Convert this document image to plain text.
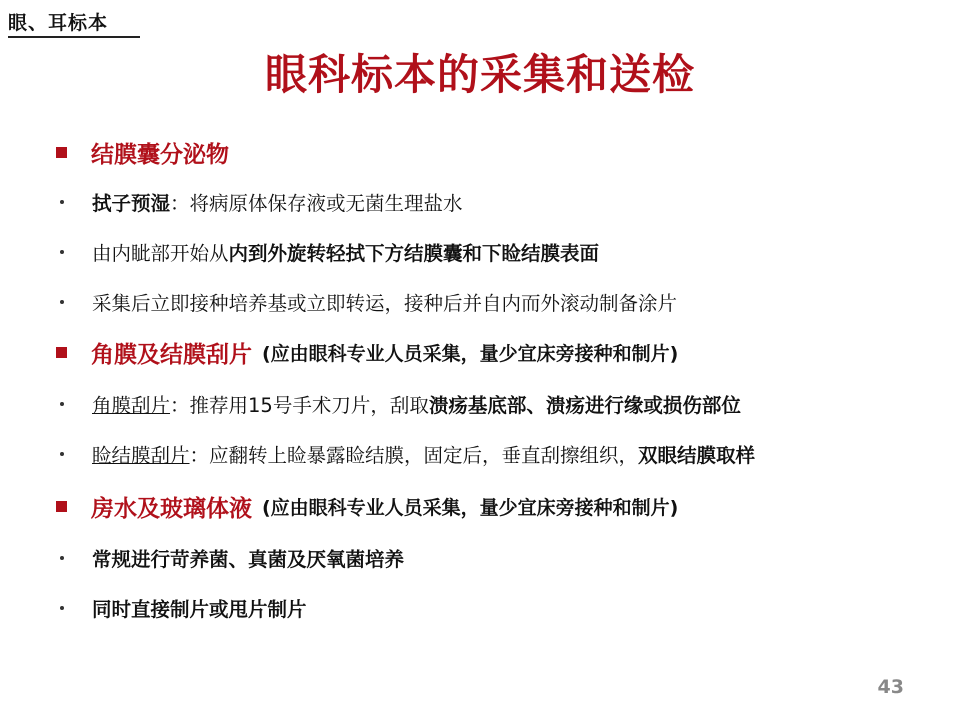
眼、耳标本
眼科标本的采集和送检
结膜囊分泌物
拭子预湿 ：将病原体保存液或无菌生理盐水
由内眦部开始从 内到外旋转轻拭下方结膜囊和下睑结膜表面
采集后立即接种培养基或立即转运，接种后并自内而外滚动制备涂片
角膜及结膜刮片 (应由眼科专业人员采集，量少宜床旁接种和制片)
角膜刮片 ：推荐用15号手术刀片，刮取 溃疡基底部、溃疡进行缘或损伤部位
睑结膜刮片 ：应翻转上睑暴露睑结膜，固定后，垂直刮擦组织， 双眼结膜取样
房水及玻璃体液 (应由眼科专业人员采集，量少宜床旁接种和制片)
常规进行苛养菌、真菌及厌氧菌培养
同时直接制片或甩片制片
43
